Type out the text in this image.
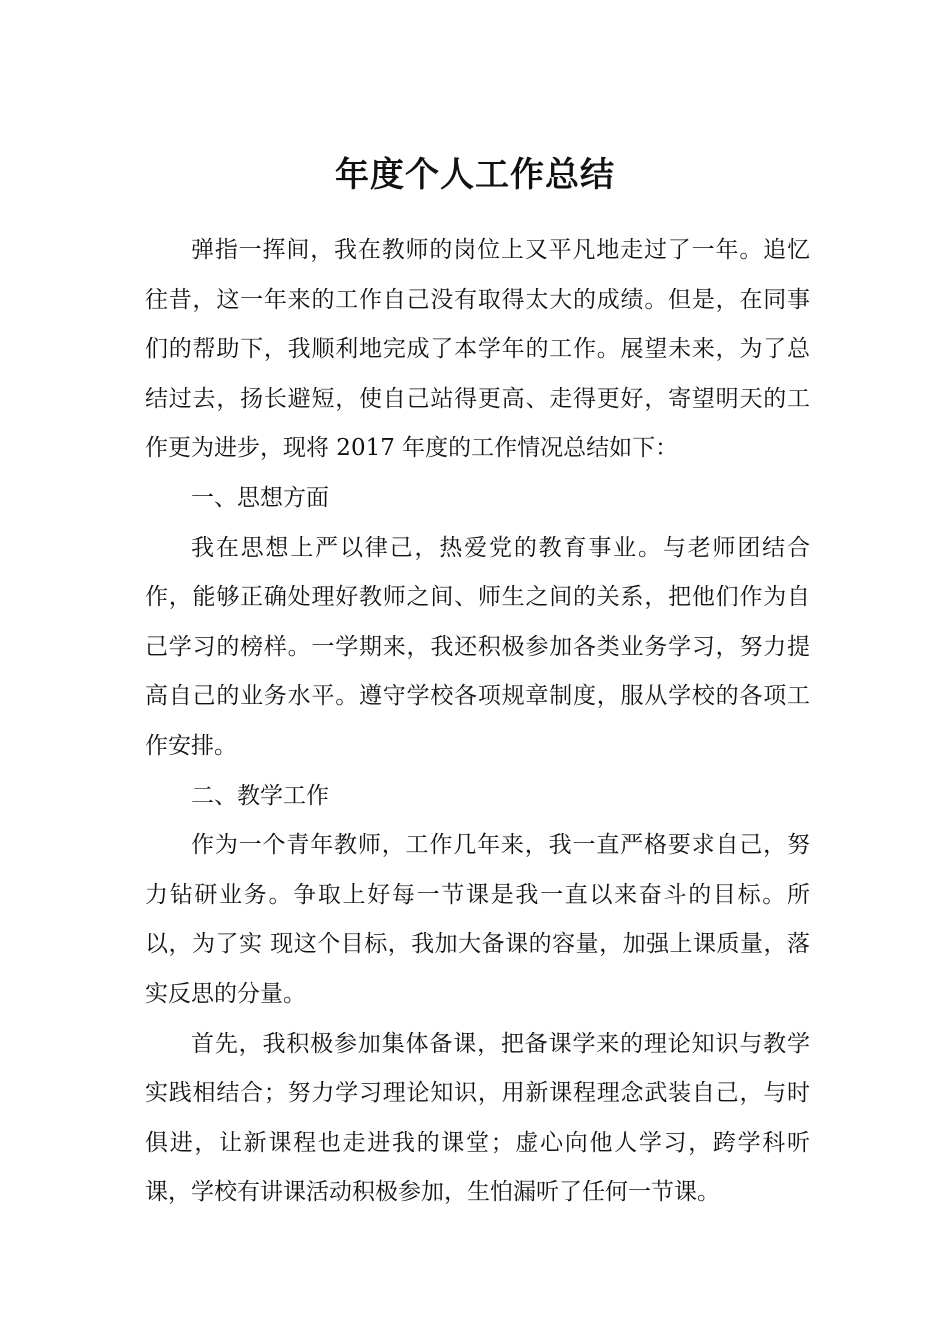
年度个人工作总结

弹指一挥间，我在教师的岗位上又平凡地走过了一年。追忆往昔，这一年来的工作自己没有取得太大的成绩。但是，在同事们的帮助下，我顺利地完成了本学年的工作。展望未来，为了总结过去，扬长避短，使自己站得更高、走得更好，寄望明天的工作更为进步，现将 2017 年度的工作情况总结如下：

一、思想方面

我在思想上严以律己，热爱党的教育事业。与老师团结合作，能够正确处理好教师之间、师生之间的关系，把他们作为自己学习的榜样。一学期来，我还积极参加各类业务学习，努力提高自己的业务水平。遵守学校各项规章制度，服从学校的各项工作安排。

二、教学工作

作为一个青年教师，工作几年来，我一直严格要求自己，努力钻研业务。争取上好每一节课是我一直以来奋斗的目标。所以，为了实 现这个目标，我加大备课的容量，加强上课质量，落实反思的分量。

首先，我积极参加集体备课，把备课学来的理论知识与教学实践相结合；努力学习理论知识，用新课程理念武装自己，与时俱进，让新课程也走进我的课堂；虚心向他人学习，跨学科听课，学校有讲课活动积极参加，生怕漏听了任何一节课。
